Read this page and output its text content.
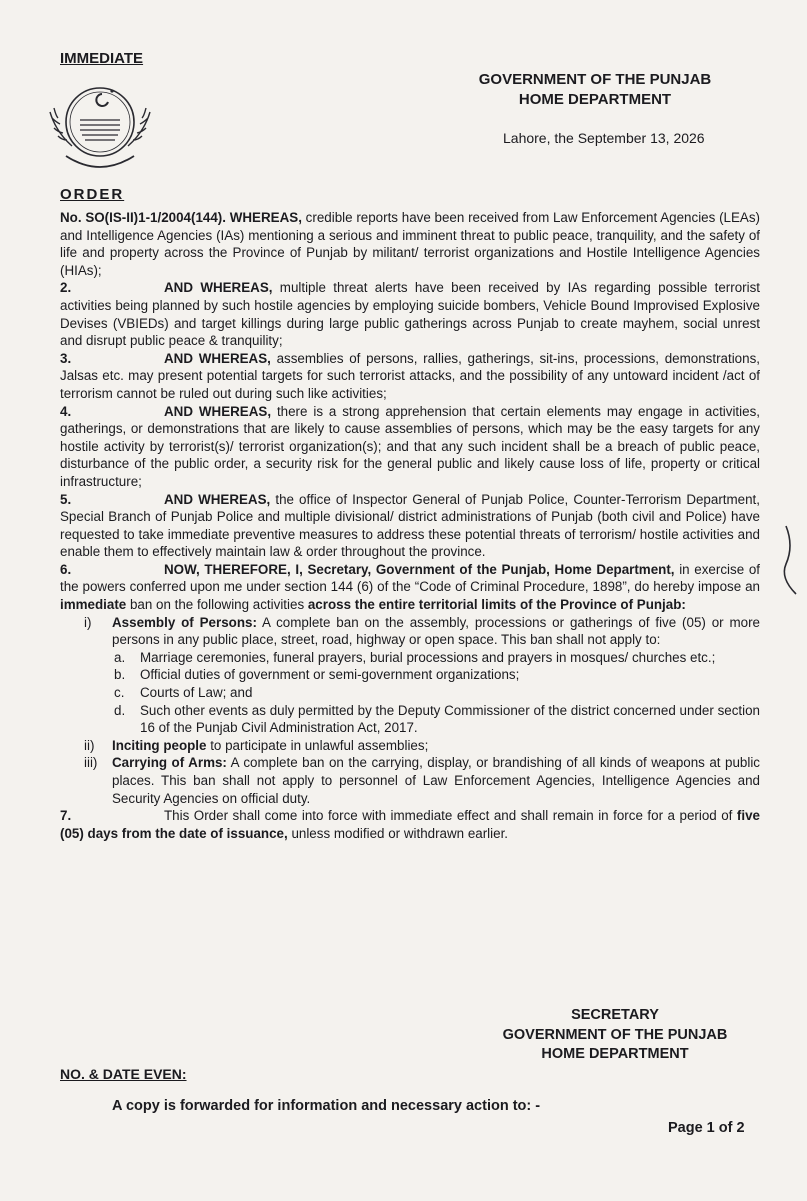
IMMEDIATE
GOVERNMENT OF THE PUNJAB
HOME DEPARTMENT
Lahore, the September 13, 2026
ORDER

No. SO(IS-II)1-1/2004(144). WHEREAS, credible reports have been received from Law Enforcement Agencies (LEAs) and Intelligence Agencies (IAs) mentioning a serious and imminent threat to public peace, tranquility, and the safety of life and property across the Province of Punjab by militant/ terrorist organizations and Hostile Intelligence Agencies (HIAs);

2.	AND WHEREAS, multiple threat alerts have been received by IAs regarding possible terrorist activities being planned by such hostile agencies by employing suicide bombers, Vehicle Bound Improvised Explosive Devises (VBIEDs) and target killings during large public gatherings across Punjab to create mayhem, social unrest and disrupt public peace & tranquility;

3.	AND WHEREAS, assemblies of persons, rallies, gatherings, sit-ins, processions, demonstrations, Jalsas etc. may present potential targets for such terrorist attacks, and the possibility of any untoward incident /act of terrorism cannot be ruled out during such like activities;

4.	AND WHEREAS, there is a strong apprehension that certain elements may engage in activities, gatherings, or demonstrations that are likely to cause assemblies of persons, which may be the easy targets for any hostile activity by terrorist(s)/ terrorist organization(s); and that any such incident shall be a breach of public peace, disturbance of the public order, a security risk for the general public and likely cause loss of life, property or critical infrastructure;

5.	AND WHEREAS, the office of Inspector General of Punjab Police, Counter-Terrorism Department, Special Branch of Punjab Police and multiple divisional/ district administrations of Punjab (both civil and Police) have requested to take immediate preventive measures to address these potential threats of terrorism/ hostile activities and enable them to effectively maintain law & order throughout the province.

6.	NOW, THEREFORE, I, Secretary, Government of the Punjab, Home Department, in exercise of the powers conferred upon me under section 144 (6) of the “Code of Criminal Procedure, 1898”, do hereby impose an immediate ban on the following activities across the entire territorial limits of the Province of Punjab:

i)	Assembly of Persons: A complete ban on the assembly, processions or gatherings of five (05) or more persons in any public place, street, road, highway or open space. This ban shall not apply to:
a. Marriage ceremonies, funeral prayers, burial processions and prayers in mosques/ churches etc.;
b. Official duties of government or semi-government organizations;
c. Courts of Law; and
d. Such other events as duly permitted by the Deputy Commissioner of the district concerned under section 16 of the Punjab Civil Administration Act, 2017.
ii)	Inciting people to participate in unlawful assemblies;
iii)	Carrying of Arms: A complete ban on the carrying, display, or brandishing of all kinds of weapons at public places. This ban shall not apply to personnel of Law Enforcement Agencies, Intelligence Agencies and Security Agencies on official duty.

7.	This Order shall come into force with immediate effect and shall remain in force for a period of five (05) days from the date of issuance, unless modified or withdrawn earlier.

SECRETARY
GOVERNMENT OF THE PUNJAB
HOME DEPARTMENT
NO. & DATE EVEN:
A copy is forwarded for information and necessary action to: -
Page 1 of 2
